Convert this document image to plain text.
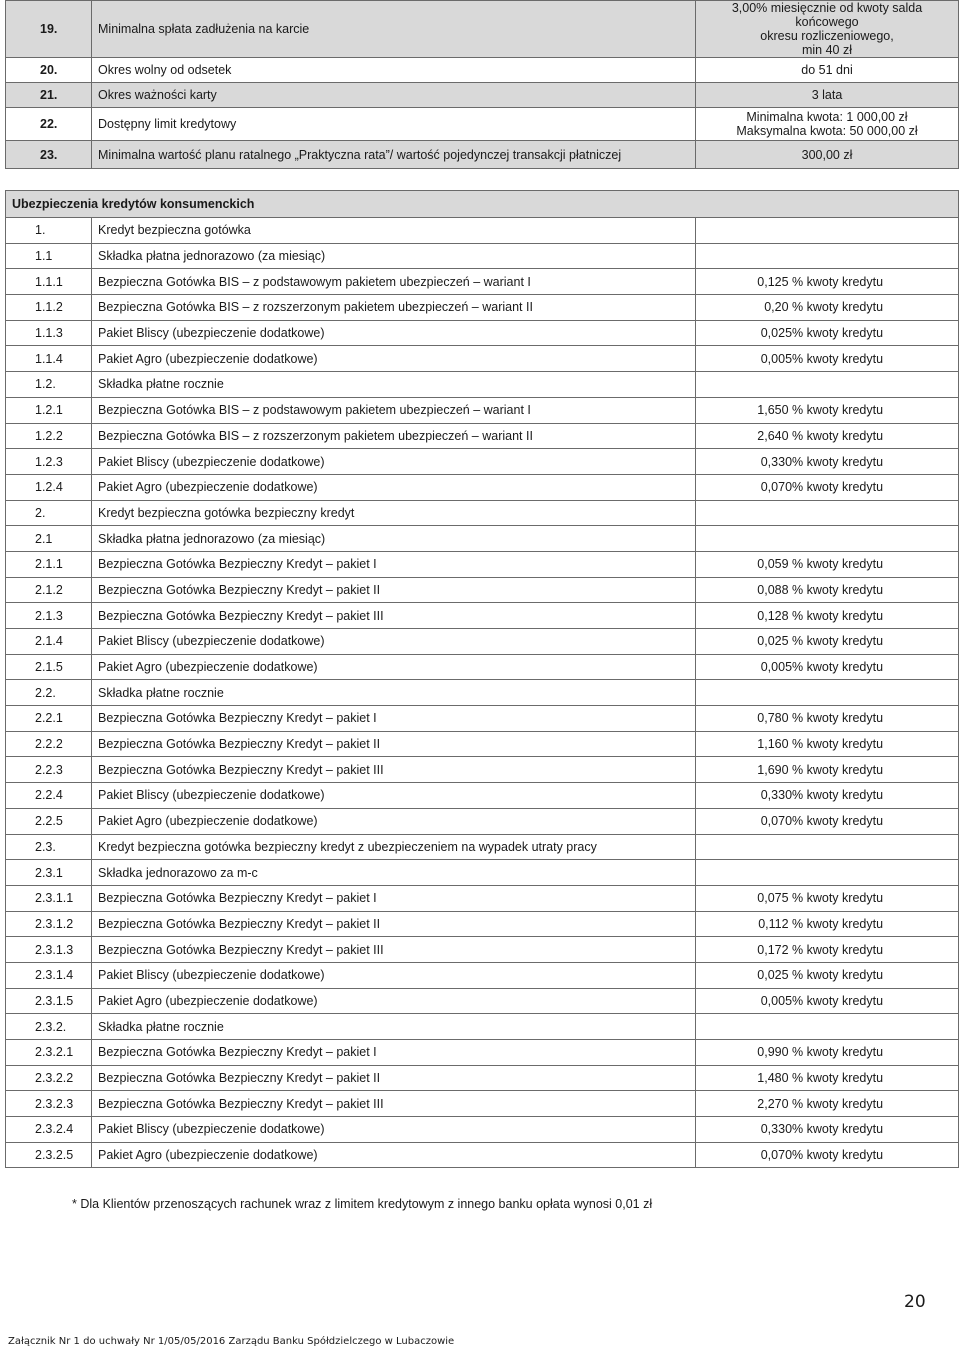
19.	Minimalna spłata zadłużenia na karcie	3,00% miesięcznie od kwoty salda końcowego
okresu rozliczeniowego,
min 40 zł

20.	Okres wolny od odsetek	do 51 dni

21.	Okres ważności karty	3 lata

22.	Dostępny limit kredytowy	Minimalna kwota: 1 000,00 zł
Maksymalna kwota: 50 000,00 zł

23.	Minimalna wartość planu ratalnego „Praktyczna rata”/ wartość pojedynczej transakcji płatniczej	300,00 zł
Ubezpieczenia kredytów konsumenckich		
1.	Kredyt bezpieczna gotówka	
1.1	Składka płatna jednorazowo (za miesiąc)	
1.1.1	Bezpieczna Gotówka BIS – z podstawowym pakietem ubezpieczeń – wariant I	0,125 % kwoty kredytu
1.1.2	Bezpieczna Gotówka BIS – z rozszerzonym pakietem ubezpieczeń – wariant II	0,20 % kwoty kredytu
1.1.3	Pakiet Bliscy (ubezpieczenie dodatkowe)	0,025% kwoty kredytu
1.1.4	Pakiet Agro (ubezpieczenie dodatkowe)	0,005% kwoty kredytu
1.2.	Składka płatne rocznie	
1.2.1	Bezpieczna Gotówka BIS – z podstawowym pakietem ubezpieczeń – wariant I	1,650 % kwoty kredytu
1.2.2	Bezpieczna Gotówka BIS – z rozszerzonym pakietem ubezpieczeń – wariant II	2,640 % kwoty kredytu
1.2.3	Pakiet Bliscy (ubezpieczenie dodatkowe)	0,330% kwoty kredytu
1.2.4	Pakiet Agro (ubezpieczenie dodatkowe)	0,070% kwoty kredytu
2.	Kredyt bezpieczna gotówka bezpieczny kredyt	
2.1	Składka płatna jednorazowo (za miesiąc)	
2.1.1	Bezpieczna Gotówka Bezpieczny Kredyt – pakiet I	0,059 % kwoty kredytu
2.1.2	Bezpieczna Gotówka Bezpieczny Kredyt – pakiet II	0,088 % kwoty kredytu
2.1.3	Bezpieczna Gotówka Bezpieczny Kredyt – pakiet III	0,128 % kwoty kredytu
2.1.4	Pakiet Bliscy (ubezpieczenie dodatkowe)	0,025 % kwoty kredytu
2.1.5	Pakiet Agro (ubezpieczenie dodatkowe)	0,005% kwoty kredytu
2.2.	Składka płatne rocznie	
2.2.1	Bezpieczna Gotówka Bezpieczny Kredyt – pakiet I	0,780 % kwoty kredytu
2.2.2	Bezpieczna Gotówka Bezpieczny Kredyt – pakiet II	1,160 % kwoty kredytu
2.2.3	Bezpieczna Gotówka Bezpieczny Kredyt – pakiet III	1,690 % kwoty kredytu
2.2.4	Pakiet Bliscy (ubezpieczenie dodatkowe)	0,330% kwoty kredytu
2.2.5	Pakiet Agro (ubezpieczenie dodatkowe)	0,070% kwoty kredytu
2.3.	Kredyt bezpieczna gotówka bezpieczny kredyt z ubezpieczeniem na wypadek utraty pracy	
2.3.1	Składka jednorazowo za m-c	
2.3.1.1	Bezpieczna Gotówka Bezpieczny Kredyt – pakiet I	0,075 % kwoty kredytu
2.3.1.2	Bezpieczna Gotówka Bezpieczny Kredyt – pakiet II	0,112 % kwoty kredytu
2.3.1.3	Bezpieczna Gotówka Bezpieczny Kredyt – pakiet III	0,172 % kwoty kredytu
2.3.1.4	Pakiet Bliscy (ubezpieczenie dodatkowe)	0,025 % kwoty kredytu
2.3.1.5	Pakiet Agro (ubezpieczenie dodatkowe)	0,005% kwoty kredytu
2.3.2.	Składka płatne rocznie	
2.3.2.1	Bezpieczna Gotówka Bezpieczny Kredyt – pakiet I	0,990 % kwoty kredytu
2.3.2.2	Bezpieczna Gotówka Bezpieczny Kredyt – pakiet II	1,480 % kwoty kredytu
2.3.2.3	Bezpieczna Gotówka Bezpieczny Kredyt – pakiet III	2,270 % kwoty kredytu
2.3.2.4	Pakiet Bliscy (ubezpieczenie dodatkowe)	0,330% kwoty kredytu
2.3.2.5	Pakiet Agro (ubezpieczenie dodatkowe)	0,070% kwoty kredytu
* Dla Klientów przenoszących rachunek wraz z limitem kredytowym z innego banku opłata wynosi 0,01 zł
20
Załącznik Nr 1 do uchwały Nr 1/05/05/2016 Zarządu Banku Spółdzielczego w Lubaczowie
